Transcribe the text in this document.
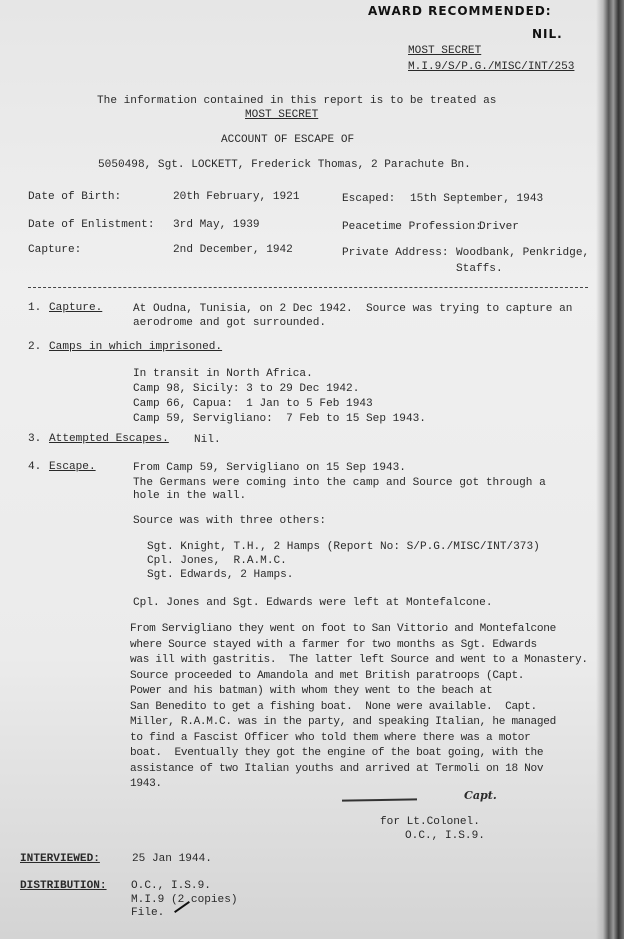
AWARD RECOMMENDED:
NIL.
MOST SECRET
M.I.9/S/P.G./MISC/INT/253
The information contained in this report is to be treated as
MOST SECRET
ACCOUNT OF ESCAPE OF
5050498, Sgt. LOCKETT, Frederick Thomas, 2 Parachute Bn.
Date of Birth:	20th February, 1921	Escaped: 15th September, 1943
Date of Enlistment: 3rd May, 1939	Peacetime Profession:
Driver
Capture:	2nd December, 1942	Private Address: Woodbank, Penkridge,
Staffs.
1. Capture.	At Oudna, Tunisia, on 2 Dec 1942.  Source was trying to capture an
aerodrome and got surrounded.
2. Camps in which imprisoned.
In transit in North Africa.
Camp 98, Sicily: 3 to 29 Dec 1942.
Camp 66, Capua:  1 Jan to 5 Feb 1943
Camp 59, Servigliano:  7 Feb to 15 Sep 1943.
3. Attempted Escapes. Nil.
4. Escape.	From Camp 59, Servigliano on 15 Sep 1943.
The Germans were coming into the camp and Source got through a
hole in the wall.
Source was with three others:
Sgt. Knight, T.H., 2 Hamps (Report No: S/P.G./MISC/INT/373)
Cpl. Jones,  R.A.M.C.
Sgt. Edwards, 2 Hamps.
Cpl. Jones and Sgt. Edwards were left at Montefalcone.
From Servigliano they went on foot to San Vittorio and Montefalcone
where Source stayed with a farmer for two months as Sgt. Edwards
was ill with gastritis.  The latter left Source and went to a Monastery.
Source proceeded to Amandola and met British paratroops (Capt.
Power and his batman) with whom they went to the beach at
San Benedito to get a fishing boat.  None were available.  Capt.
Miller, R.A.M.C. was in the party, and speaking Italian, he managed
to find a Fascist Officer who told them where there was a motor
boat.  Eventually they got the engine of the boat going, with the
assistance of two Italian youths and arrived at Termoli on 18 Nov
1943.
Capt.
for Lt.Colonel.
O.C., I.S.9.
INTERVIEWED:	25 Jan 1944.
DISTRIBUTION: O.C., I.S.9.
M.I.9 (2 copies)
File.
